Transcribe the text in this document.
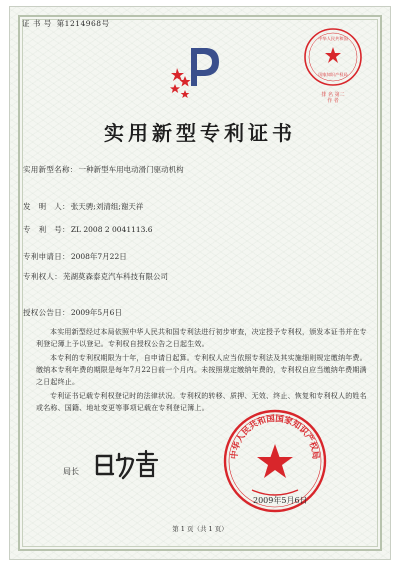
证 书 号 第1214968号
中华人民共和国
国家知识产权局
排 名 第二
作 者
实用新型专利证书
实用新型名称：一种新型车用电动滑门驱动机构
发　明　人：张天骋;刘清组;谢天祥
专　利　号：ZL 2008 2 0041113.6
专利申请日：2008年7月22日
专利权人：芜湖莫森泰克汽车科技有限公司
授权公告日：2009年5月6日
本实用新型经过本局依照中华人民共和国专利法进行初步审查，决定授予专利权，颁发本证书并在专利登记簿上予以登记。专利权自授权公告之日起生效。
本专利的专利权期限为十年，自申请日起算。专利权人应当依照专利法及其实施细则规定缴纳年费。缴纳本专利年费的期限是每年7月22日前一个月内。未按照规定缴纳年费的，专利权自应当缴纳年费期满之日起终止。
专利证书记载专利权登记时的法律状况。专利权的转移、质押、无效、终止、恢复和专利权人的姓名或名称、国籍、地址变更等事项记载在专利登记簿上。
局长
中华人民共和国国家知识产权局
2009年5月6日
第 1 页（共 1 页）
